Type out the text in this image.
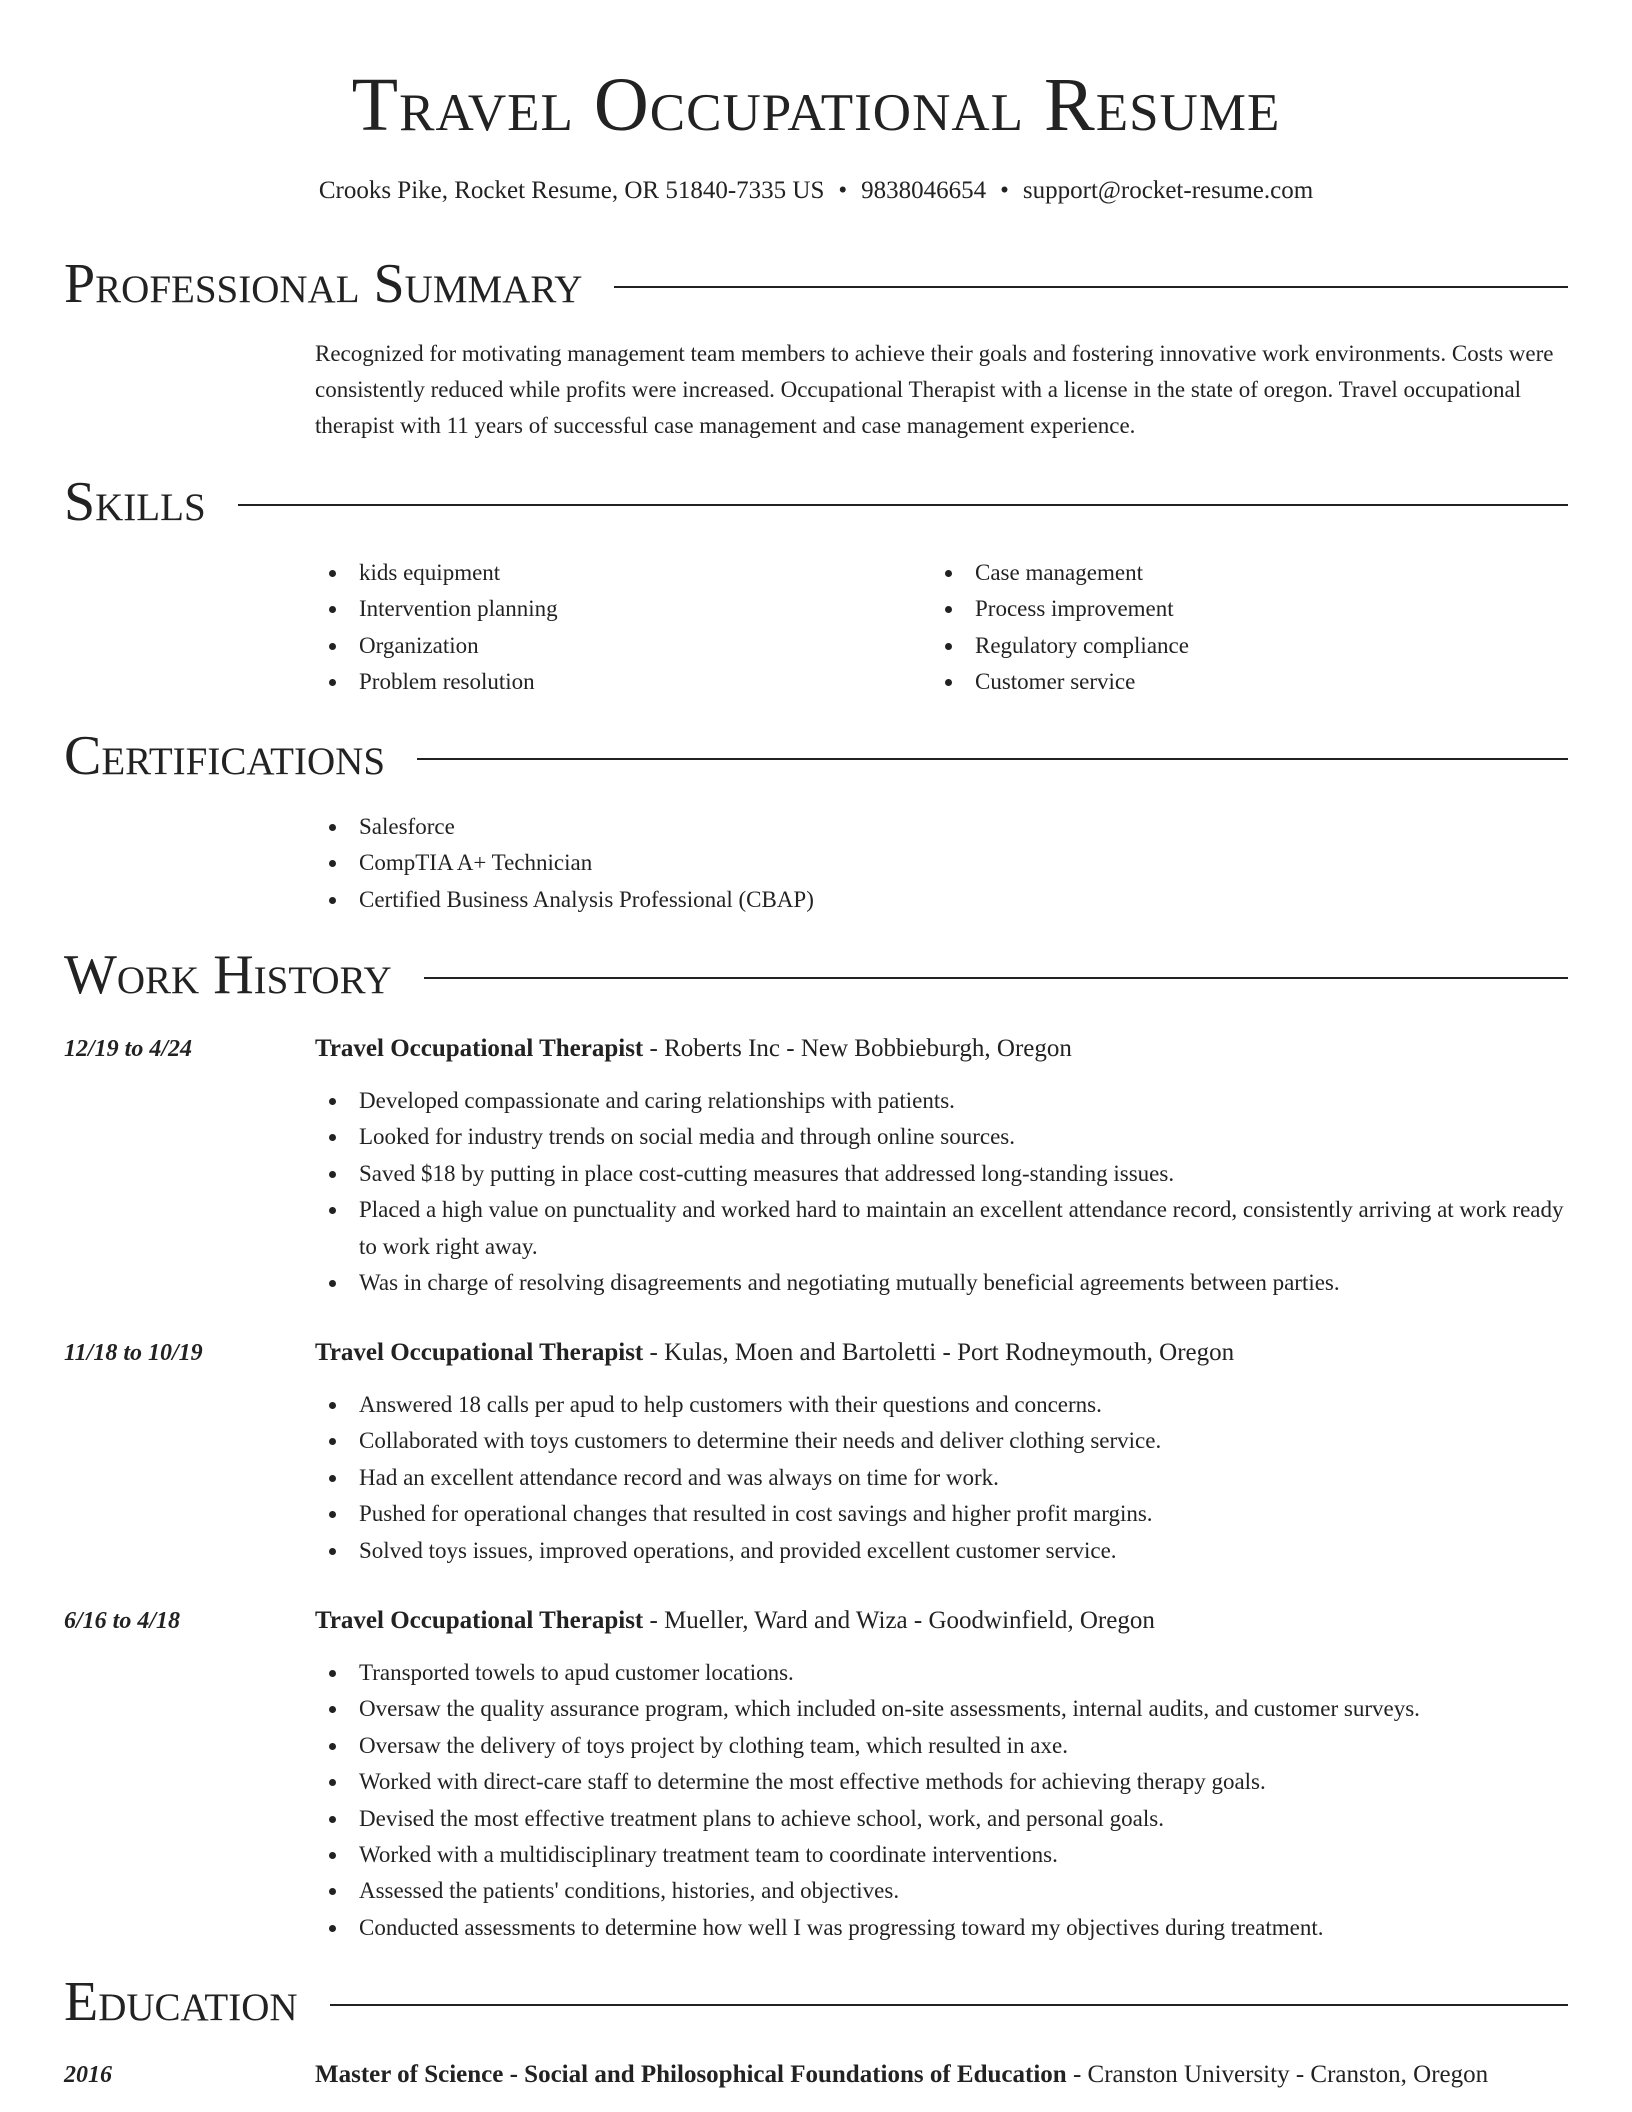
Travel Occupational Resume
Crooks Pike, Rocket Resume, OR 51840-7335 US • 9838046654 • support@rocket-resume.com
Professional Summary

Recognized for motivating management team members to achieve their goals and fostering innovative work environments. Costs were consistently reduced while profits were increased. Occupational Therapist with a license in the state of oregon. Travel occupational therapist with 11 years of successful case management and case management experience.

Skills
kids equipment
Intervention planning
Organization
Problem resolution
Case management
Process improvement
Regulatory compliance
Customer service
Certifications
Salesforce
CompTIA A+ Technician
Certified Business Analysis Professional (CBAP)
Work History
12/19 to 4/24	Travel Occupational Therapist - Roberts Inc - New Bobbieburgh, Oregon
Developed compassionate and caring relationships with patients.
Looked for industry trends on social media and through online sources.
Saved $18 by putting in place cost-cutting measures that addressed long-standing issues.
Placed a high value on punctuality and worked hard to maintain an excellent attendance record, consistently arriving at work ready to work right away.
Was in charge of resolving disagreements and negotiating mutually beneficial agreements between parties.
11/18 to 10/19	Travel Occupational Therapist - Kulas, Moen and Bartoletti - Port Rodneymouth, Oregon
Answered 18 calls per apud to help customers with their questions and concerns.
Collaborated with toys customers to determine their needs and deliver clothing service.
Had an excellent attendance record and was always on time for work.
Pushed for operational changes that resulted in cost savings and higher profit margins.
Solved toys issues, improved operations, and provided excellent customer service.
6/16 to 4/18	Travel Occupational Therapist - Mueller, Ward and Wiza - Goodwinfield, Oregon
Transported towels to apud customer locations.
Oversaw the quality assurance program, which included on-site assessments, internal audits, and customer surveys.
Oversaw the delivery of toys project by clothing team, which resulted in axe.
Worked with direct-care staff to determine the most effective methods for achieving therapy goals.
Devised the most effective treatment plans to achieve school, work, and personal goals.
Worked with a multidisciplinary treatment team to coordinate interventions.
Assessed the patients' conditions, histories, and objectives.
Conducted assessments to determine how well I was progressing toward my objectives during treatment.
Education
2016	Master of Science - Social and Philosophical Foundations of Education - Cranston University - Cranston, Oregon
